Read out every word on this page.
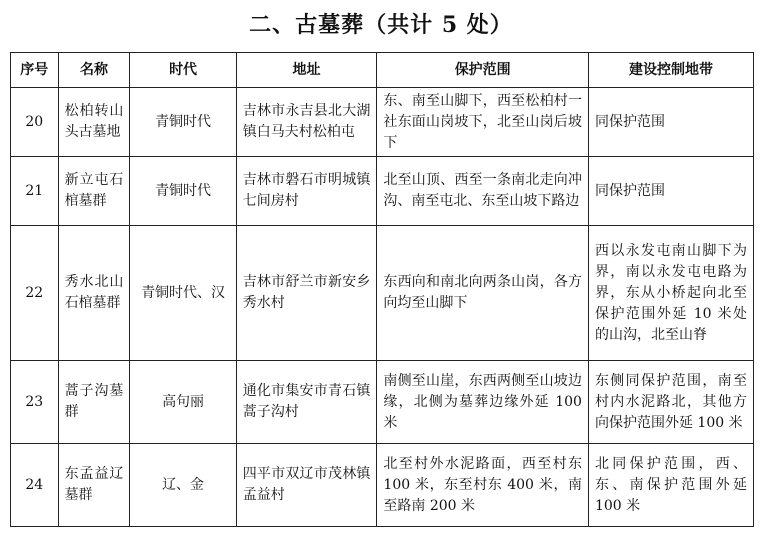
二、古墓葬（共计 5 处）
序号	名称	时代	地址	保护范围	建设控制地带
20	松柏转山头古墓地	青铜时代	吉林市永吉县北大湖镇白马夫村松柏屯	东、南至山脚下，西至松柏村一社东面山岗坡下，北至山岗后坡下	同保护范围
21	新立屯石棺墓群	青铜时代	吉林市磐石市明城镇七间房村	北至山顶、西至一条南北走向冲沟、南至屯北、东至山坡下路边	同保护范围
22	秀水北山石棺墓群	青铜时代、汉	吉林市舒兰市新安乡秀水村	东西向和南北向两条山岗，各方向均至山脚下	西以永发屯南山脚下为界，南以永发屯电路为界，东从小桥起向北至保护范围外延 10 米处的山沟，北至山脊
23	蒿子沟墓群	高句丽	通化市集安市青石镇蒿子沟村	南侧至山崖，东西两侧至山坡边缘，北侧为墓葬边缘外延 100 米	东侧同保护范围，南至村内水泥路北，其他方向保护范围外延 100 米
24	东孟益辽墓群	辽、金	四平市双辽市茂林镇孟益村	北至村外水泥路面，西至村东 100 米，东至村东 400 米，南至路南 200 米	北同保护范围，西、东、南保护范围外延 100 米
